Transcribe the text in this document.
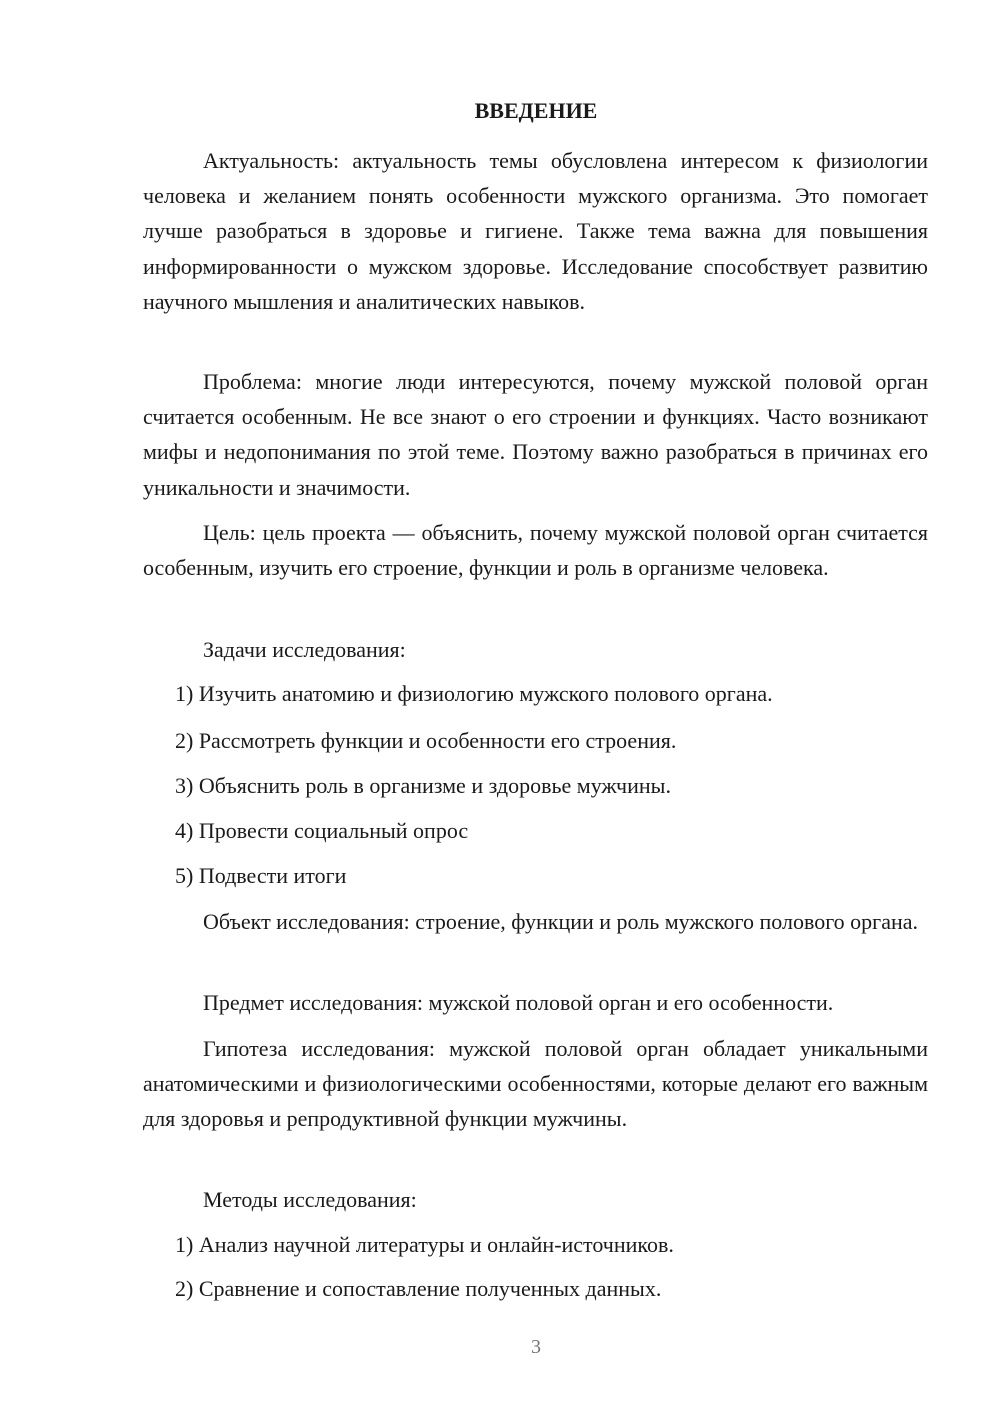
ВВЕДЕНИЕ

Актуальность: актуальность темы обусловлена интересом к физиологии человека и желанием понять особенности мужского организма. Это помогает лучше разобраться в здоровье и гигиене. Также тема важна для повышения информированности о мужском здоровье. Исследование способствует развитию научного мышления и аналитических навыков.

Проблема: многие люди интересуются, почему мужской половой орган считается особенным. Не все знают о его строении и функциях. Часто возникают мифы и недопонимания по этой теме. Поэтому важно разобраться в причинах его уникальности и значимости.

Цель: цель проекта — объяснить, почему мужской половой орган считается особенным, изучить его строение, функции и роль в организме человека.

Задачи исследования:

1) Изучить анатомию и физиологию мужского полового органа.

2) Рассмотреть функции и особенности его строения.

3) Объяснить роль в организме и здоровье мужчины.

4) Провести социальный опрос

5) Подвести итоги

Объект исследования: строение, функции и роль мужского полового органа.

Предмет исследования: мужской половой орган и его особенности.

Гипотеза исследования: мужской половой орган обладает уникальными анатомическими и физиологическими особенностями, которые делают его важным для здоровья и репродуктивной функции мужчины.

Методы исследования:

1) Анализ научной литературы и онлайн-источников.

2) Сравнение и сопоставление полученных данных.

3
